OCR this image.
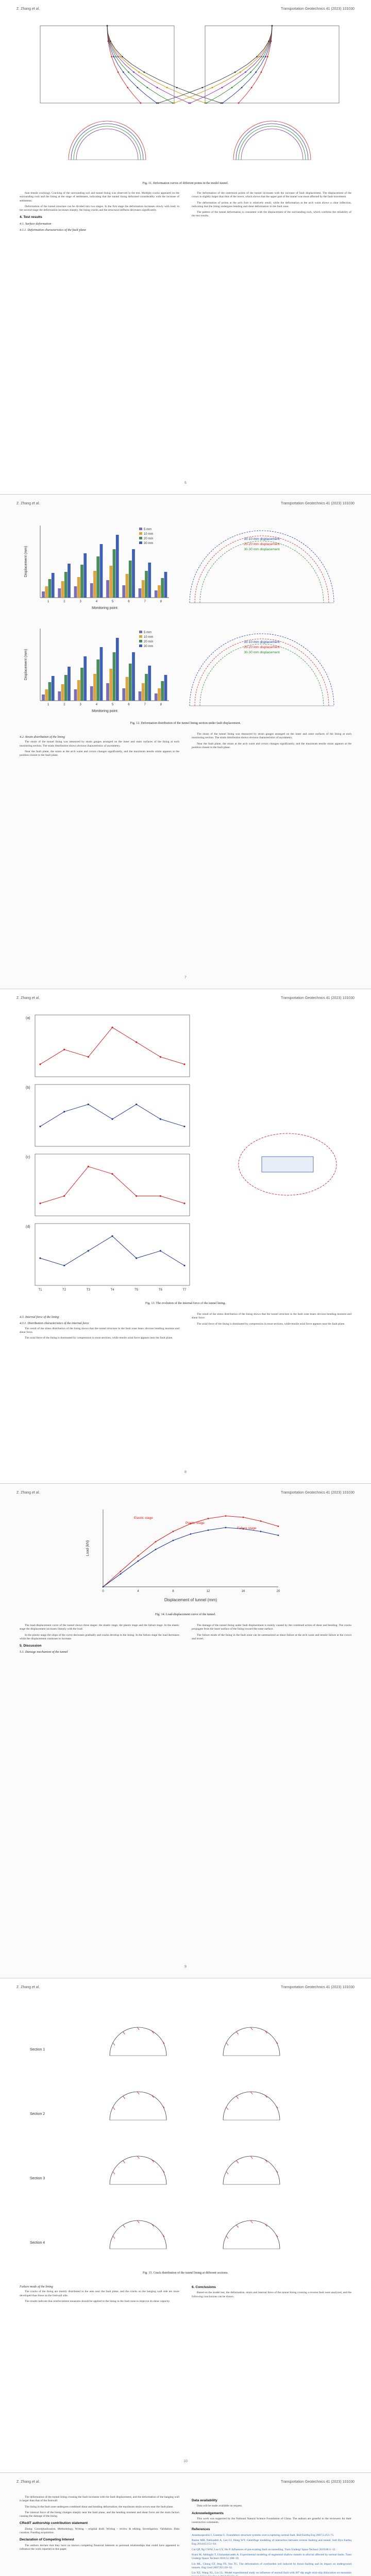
Z. Zhang et al.	Transportation Geotechnics 41 (2023) 101030
6
Fig. 11. Deformation curves of different points in the model tunnel.

than tensile cracking). Cracking of the surrounding soil and tunnel lining was observed in the test. Multiple cracks appeared on the surrounding rock and the lining at the stage of settlement, indicating that the tunnel lining deformed considerably with the increase of settlement.

Deformation of the tunnel structure can be divided into two stages. In the first stage the deformation increases slowly with load; in the second stage the deformation increases sharply, the lining cracks and the structural stiffness decreases significantly.

4. Test results
4.1. Surface deformation
4.1.1. Deformation characteristics of the fault plane

The deformation of the outermost points of the tunnel increases with the increase of fault displacement. The displacement of the crown is slightly larger than that of the invert, which shows that the upper part of the tunnel was more affected by the fault movement.

The deformation of points at the arch foot is relatively small, while the deformation at the arch waist shows a clear inflection, indicating that the lining undergoes bending and shear deformation in the fault zone.

The pattern of the tunnel deformation is consistent with the displacement of the surrounding rock, which confirms the reliability of the test results.

Z. Zhang et al.	Transportation Geotechnics 41 (2023) 101030
7
Displacement (mm)
Monitoring point
1	2	3	4	5	6	7	8
5 mm
10 mm
20 mm
30 mm
Displacement (mm)
Monitoring point
1	2	3	4	5	6	7	8
5 mm
10 mm
20 mm
30 mm
10-10 mm displacement
20-20 mm displacement
30-30 mm displacement
10-10 mm displacement
20-20 mm displacement
30-30 mm displacement
Fig. 12. Deformation distribution of the tunnel lining section under fault displacement.
4.2. Strain distribution of the lining

The strain of the tunnel lining was measured by strain gauges arranged on the inner and outer surfaces of the lining at each monitoring section. The strain distribution shows obvious characteristics of asymmetry.

Near the fault plane, the strain at the arch waist and crown changes significantly, and the maximum tensile strain appears at the position closest to the fault plane.

The strain of the tunnel lining was measured by strain gauges arranged on the inner and outer surfaces of the lining at each monitoring section. The strain distribution shows obvious characteristics of asymmetry.

Near the fault plane, the strain at the arch waist and crown changes significantly, and the maximum tensile strain appears at the position closest to the fault plane.

Z. Zhang et al.	Transportation Geotechnics 41 (2023) 101030
8
(a)
(b)
(c)
(d)
T1	T2	T3	T4	T5	T6	T7
Fig. 13. The evolution of the internal force of the tunnel lining.
4.3. Internal force of the lining
4.3.1. Distribution characteristics of the internal force

The result of the stress distribution of the lining shows that the tunnel structure in the fault zone bears obvious bending moment and shear force.

The axial force of the lining is dominated by compression in most sections, while tensile axial force appears near the fault plane.

The result of the stress distribution of the lining shows that the tunnel structure in the fault zone bears obvious bending moment and shear force.

The axial force of the lining is dominated by compression in most sections, while tensile axial force appears near the fault plane.

Z. Zhang et al.	Transportation Geotechnics 41 (2023) 101030
9
Displacement of tunnel (mm)
Load (kN)
0	4	8	12	16	20
Elastic stage
Plastic stage
Failure stage
Fig. 14. Load-displacement curve of the tunnel.

The load-displacement curve of the tunnel shows three stages: the elastic stage, the plastic stage and the failure stage. In the elastic stage the displacement increases linearly with the load.

In the plastic stage the slope of the curve decreases gradually and cracks develop in the lining. In the failure stage the load decreases while the displacement continues to increase.

5. Discussion
5.1. Damage mechanism of the tunnel

The damage of the tunnel lining under fault displacement is mainly caused by the combined action of shear and bending. The cracks propagate from the inner surface of the lining toward the outer surface.

The failure mode of the lining in the fault zone can be summarized as shear failure at the arch waist and tensile failure at the crown and invert.

Z. Zhang et al.	Transportation Geotechnics 41 (2023) 101030
10
Section 1
Section 2
Section 3
Section 4
Fig. 15. Crack distribution of the tunnel lining at different sections.
Failure mode of the lining

The cracks of the lining are mainly distributed in the area near the fault plane, and the cracks on the hanging wall side are more developed than those on the footwall side.

The results indicate that reinforcement measures should be applied to the lining in the fault zone to improve its shear capacity.

6. Conclusions

Based on the model test, the deformation, strain and internal force of the tunnel lining crossing a reverse fault were analyzed, and the following conclusions can be drawn.

Z. Zhang et al.	Transportation Geotechnics 41 (2023) 101030

The deformation of the tunnel lining crossing the fault increases with the fault displacement, and the deformation of the hanging wall is larger than that of the footwall.

The lining in the fault zone undergoes combined shear and bending deformation; the maximum strain occurs near the fault plane.

The internal force of the lining changes sharply near the fault plane, and the bending moment and shear force are the main factors causing the damage of the lining.

CRediT authorship contribution statement

Zhang: Conceptualization, Methodology, Writing – original draft. Writing – review & editing. Investigation. Validation. Data curation. Funding acquisition.

Declaration of Competing Interest

The authors declare that they have no known competing financial interests or personal relationships that could have appeared to influence the work reported in this paper.

Data availability

Data will be made available on request.

Acknowledgements

This work was supported by the National Natural Science Foundation of China. The authors are grateful to the reviewers for their constructive comments.

References
Anastasopoulos I, Gazetas G. Foundation–structure systems over a rupturing normal fault. Bull Earthq Eng 2007;5:253–75.
Baziar MH, Nabizadeh A, Lee CJ, Hung WY. Centrifuge modeling of interaction between reverse faulting and tunnel. Soil Dyn Earthq Eng 2014;65:151–64.
Cai QP, Ng CWW, Luo GY, Hu P. Influences of pre-existing fault on tunnelling. Tunn Undergr Space Technol 2019;86:1–12.
Kiani M, Akhlaghi T, Ghalandarzadeh A. Experimental modeling of segmental shallow tunnels in alluvial affected by normal faults. Tunn Undergr Space Technol 2016;51:108–19.
Lin ML, Chung CF, Jeng FS, Yao TC. The deformation of overburden soil induced by thrust faulting and its impact on underground tunnels. Eng Geol 2007;92:110–32.
Liu XZ, Wang XL, Lin LL. Model experimental study on influence of normal fault with 60° dip angle stick-slip dislocation on mountain
